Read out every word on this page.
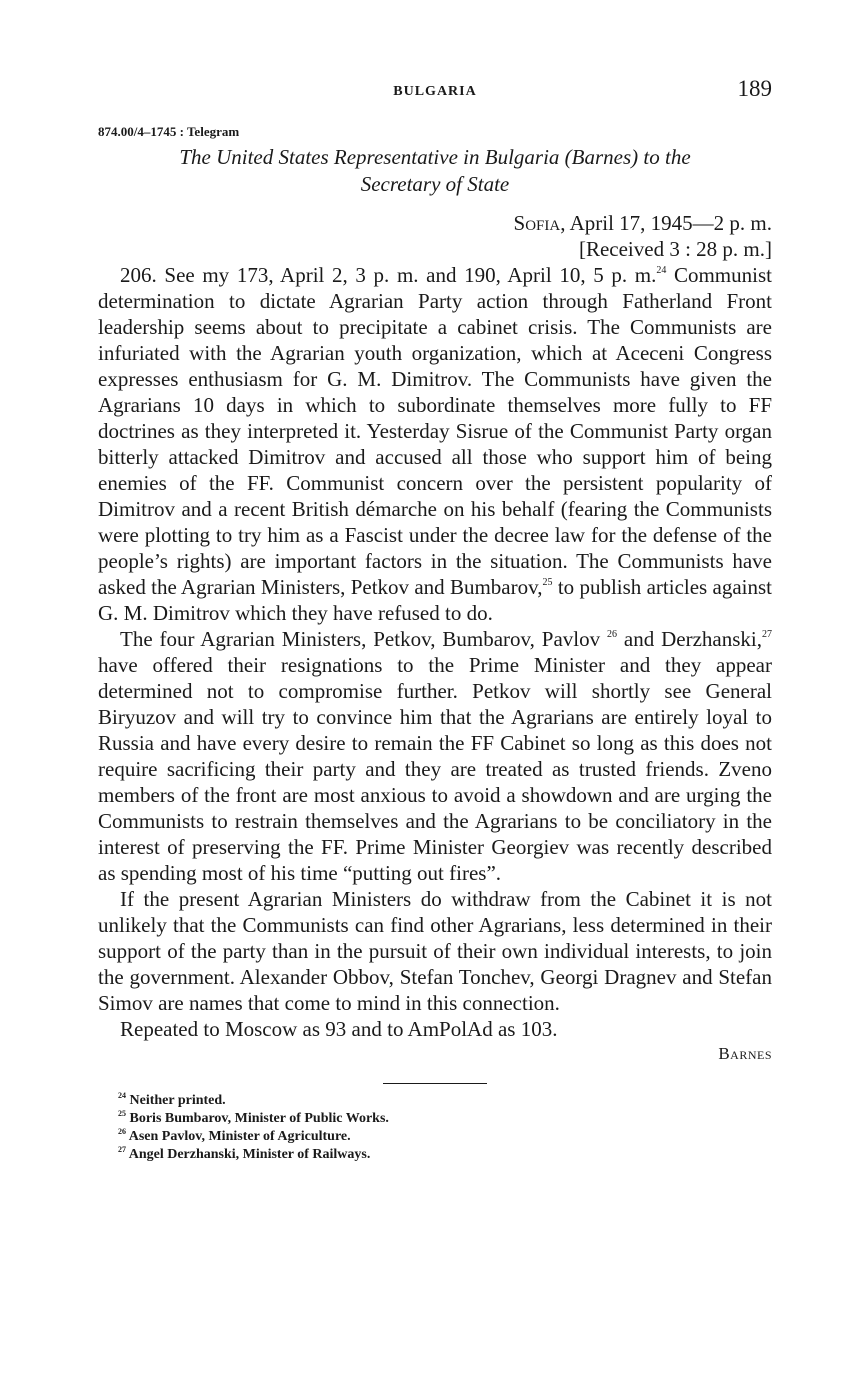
BULGARIA	189
874.00/4–1745 : Telegram
The United States Representative in Bulgaria (Barnes) to the
Secretary of State
Sofia, April 17, 1945—2 p. m.
[Received 3 : 28 p. m.]

206. See my 173, April 2, 3 p. m. and 190, April 10, 5 p. m.$^{24}$ Communist determination to dictate Agrarian Party action through Fatherland Front leadership seems about to precipitate a cabinet crisis. The Communists are infuriated with the Agrarian youth organization, which at Aceceni Congress expresses enthusiasm for G. M. Dimitrov. The Communists have given the Agrarians 10 days in which to subordinate themselves more fully to FF doctrines as they interpreted it. Yesterday Sisrue of the Communist Party organ bitterly attacked Dimitrov and accused all those who support him of being enemies of the FF. Communist concern over the persistent popularity of Dimitrov and a recent British démarche on his behalf (fearing the Communists were plotting to try him as a Fascist under the decree law for the defense of the people’s rights) are important factors in the situation. The Communists have asked the Agrarian Ministers, Petkov and Bumbarov,$^{25}$ to publish articles against G. M. Dimitrov which they have refused to do.

The four Agrarian Ministers, Petkov, Bumbarov, Pavlov $^{26}$ and Derzhanski,$^{27}$ have offered their resignations to the Prime Minister and they appear determined not to compromise further. Petkov will shortly see General Biryuzov and will try to convince him that the Agrarians are entirely loyal to Russia and have every desire to remain the FF Cabinet so long as this does not require sacrificing their party and they are treated as trusted friends. Zveno members of the front are most anxious to avoid a showdown and are urging the Communists to restrain themselves and the Agrarians to be conciliatory in the interest of preserving the FF. Prime Minister Georgiev was recently described as spending most of his time “putting out fires”.

If the present Agrarian Ministers do withdraw from the Cabinet it is not unlikely that the Communists can find other Agrarians, less determined in their support of the party than in the pursuit of their own individual interests, to join the government. Alexander Obbov, Stefan Tonchev, Georgi Dragnev and Stefan Simov are names that come to mind in this connection.

Repeated to Moscow as 93 and to AmPolAd as 103.

Barnes
$^{24}$ Neither printed.
$^{25}$ Boris Bumbarov, Minister of Public Works.
$^{26}$ Asen Pavlov, Minister of Agriculture.
$^{27}$ Angel Derzhanski, Minister of Railways.
